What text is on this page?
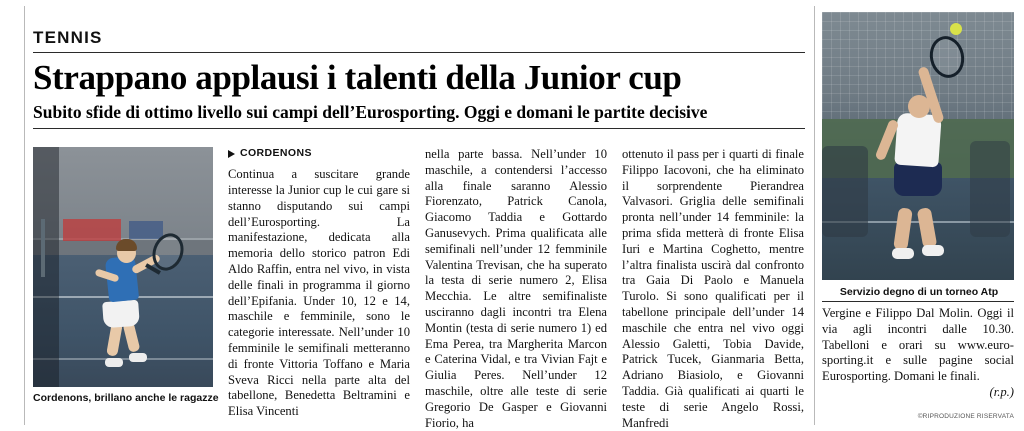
TENNIS
Strappano applausi i talenti della Junior cup
Subito sfide di ottimo livello sui campi dell’Eurosporting. Oggi e domani le partite decisive
Cordenons, brillano anche le ragazze
CORDENONS

Continua a suscitare grande interesse la Junior cup le cui gare si stanno disputando sui campi dell’Eurosporting. La manifestazione, dedicata alla memoria dello storico patron Edi Aldo Raffin, entra nel vivo, in vista delle finali in programma il giorno dell’Epifania. Under 10, 12 e 14, maschile e femminile, sono le categorie interessate. Nell’under 10 femminile le semifinali metteranno di fronte Vittoria Toffano e Maria Sveva Ricci nella parte alta del tabellone, Benedetta Beltramini e Elisa Vincenti

nella parte bassa. Nell’under 10 maschile, a contendersi l’accesso alla finale saranno Alessio Fiorenzato, Patrick Canola, Giacomo Taddia e Gottardo Ganusevych. Prima qualificata alle semifinali nell’under 12 femminile Valentina Trevisan, che ha superato la testa di serie numero 2, Elisa Mecchia. Le altre semifinaliste usciranno dagli incontri tra Elena Montin (testa di serie numero 1) ed Ema Perea, tra Margherita Marcon e Caterina Vidal, e tra Vivian Fajt e Giulia Peres. Nell’under 12 maschile, oltre alle teste di serie Gregorio De Gasper e Giovanni Fiorio, ha

ottenuto il pass per i quarti di finale Filippo Iacovoni, che ha eliminato il sorprendente Pierandrea Valvasori. Griglia delle semifinali pronta nell’under 14 femminile: la prima sfida metterà di fronte Elisa Iuri e Martina Coghetto, mentre l’altra finalista uscirà dal confronto tra Gaia Di Paolo e Manuela Turolo. Si sono qualificati per il tabellone principale dell’under 14 maschile che entra nel vivo oggi Alessio Galetti, Tobia Davide, Patrick Tucek, Gianmaria Betta, Adriano Biasiolo, e Giovanni Taddia. Già qualificati ai quarti le teste di serie Angelo Rossi, Manfredi

Servizio degno di un torneo Atp

Vergine e Filippo Dal Molin. Oggi il via agli incontri dalle 10.30. Tabelloni e orari su www.euro-sporting.it e sulle pagine social Eurosporting. Domani le finali.

(r.p.)

©RIPRODUZIONE RISERVATA
